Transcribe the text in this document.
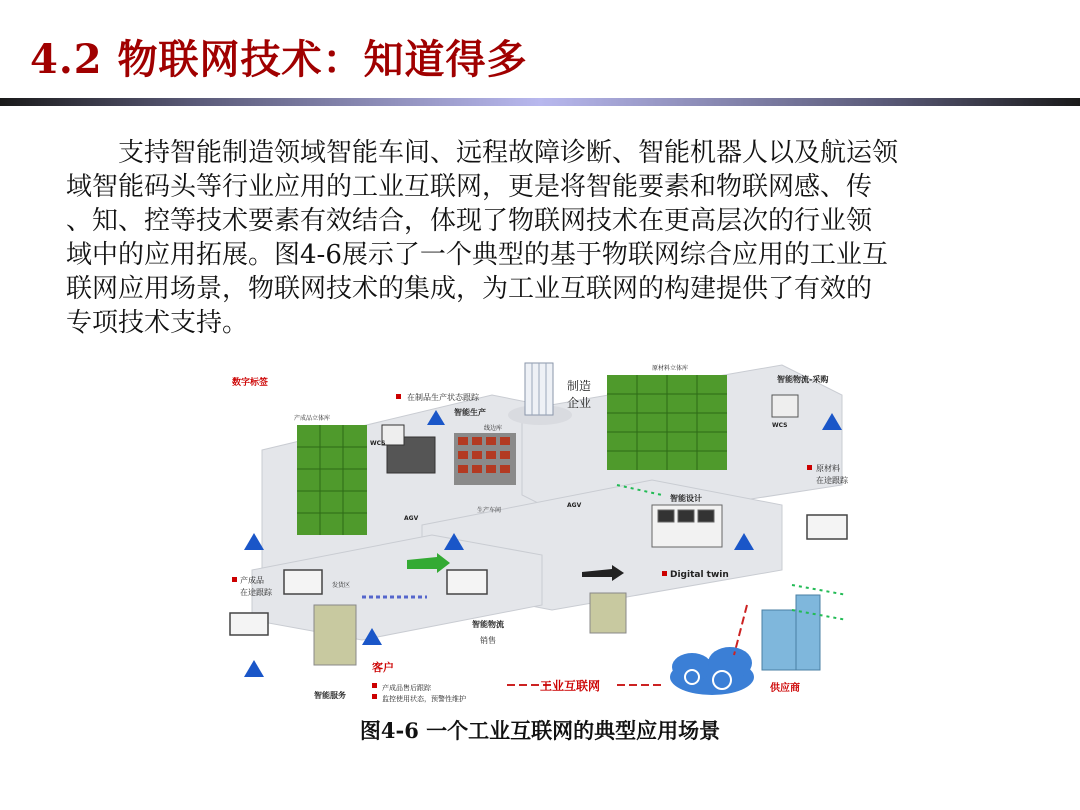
4.2 物联网技术：知道得多
　　支持智能制造领域智能车间、远程故障诊断、智能机器人以及航运领
域智能码头等行业应用的工业互联网，更是将智能要素和物联网感、传
、知、控等技术要素有效结合，体现了物联网技术在更高层次的行业领
域中的应用拓展。图4-6展示了一个典型的基于物联网综合应用的工业互
联网应用场景，物联网技术的集成，为工业互联网的构建提供了有效的
专项技术支持。
数字标签
在制品生产状态跟踪
智能生产
产成品立体库
WCS
线边库
制造
企业
原材料立体库
智能物流-采购
WCS
原材料
在途跟踪
AGV
生产车间
AGV
智能设计
Digital twin
产成品
在途跟踪
发货区
智能物流
销售
客户
智能服务
产成品售后跟踪
监控使用状态，预警性维护
工业互联网	供应商
图4-6 一个工业互联网的典型应用场景
